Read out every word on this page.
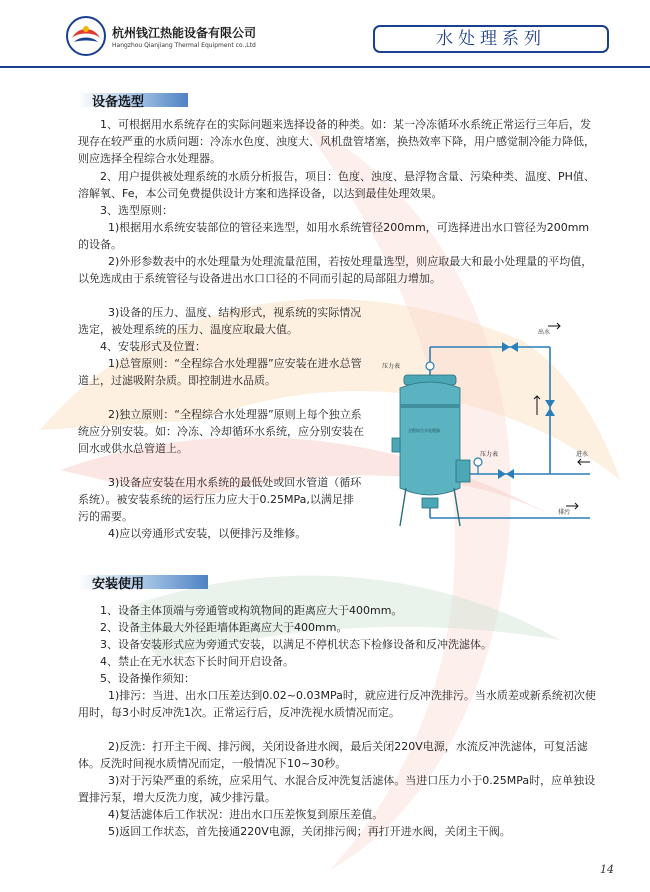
杭州钱江热能设备有限公司
Hangzhou Qianjiang Thermal Equipment co.,Ltd	水处理系列
设备选型

1、可根据用水系统存在的实际问题来选择设备的种类。如：某一冷冻循环水系统正常运行三年后，发现存在较严重的水质问题：冷冻水色度、浊度大、风机盘管堵塞，换热效率下降，用户感觉制冷能力降低，则应选择全程综合水处理器。

2、用户提供被处理系统的水质分析报告，项目：色度、浊度、悬浮物含量、污染种类、温度、PH值、溶解氧、Fe，本公司免费提供设计方案和选择设备，以达到最佳处理效果。

3、选型原则：

1)根据用水系统安装部位的管径来选型，如用水系统管径200mm，可选择进出水口管径为200mm的设备。

2)外形参数表中的水处理量为处理流量范围，若按处理量选型，则应取最大和最小处理量的平均值，以免选成由于系统管径与设备进出水口口径的不同而引起的局部阻力增加。

3)设备的压力、温度、结构形式，视系统的实际情况选定，被处理系统的压力、温度应取最大值。

4、安装形式及位置：

1)总管原则：“全程综合水处理器”应安装在进水总管道上，过滤吸附杂质。即控制进水品质。

2)独立原则：“全程综合水处理器”原则上每个独立系统应分别安装。如：冷冻、冷却循环水系统，应分别安装在回水或供水总管道上。

3)设备应安装在用水系统的最低处或回水管道（循环系统）。被安装系统的运行压力应大于0.25MPa,以满足排污的需要。

4)应以旁通形式安装，以便排污及维修。

出水
压力表
压力表	进水
排污
全程综合水处理器
安装使用

1、设备主体顶端与旁通管或构筑物间的距离应大于400mm。

2、设备主体最大外径距墙体距离应大于400mm。

3、设备安装形式应为旁通式安装，以满足不停机状态下检修设备和反冲洗滤体。

4、禁止在无水状态下长时间开启设备。

5、设备操作须知：

1)排污：当进、出水口压差达到0.02~0.03MPa时，就应进行反冲洗排污。当水质差或新系统初次使用时，每3小时反冲洗1次。正常运行后，反冲洗视水质情况而定。

2)反洗：打开主干阀、排污阀，关闭设备进水阀，最后关闭220V电源，水流反冲洗滤体，可复活滤体。反洗时间视水质情况而定，一般情况下10~30秒。

3)对于污染严重的系统，应采用气、水混合反冲洗复活滤体。当进口压力小于0.25MPa时，应单独设置排污泵，增大反洗力度，减少排污量。

4)复活滤体后工作状况：进出水口压差恢复到原压差值。

5)返回工作状态，首先接通220V电源，关闭排污阀；再打开进水阀，关闭主干阀。

14
